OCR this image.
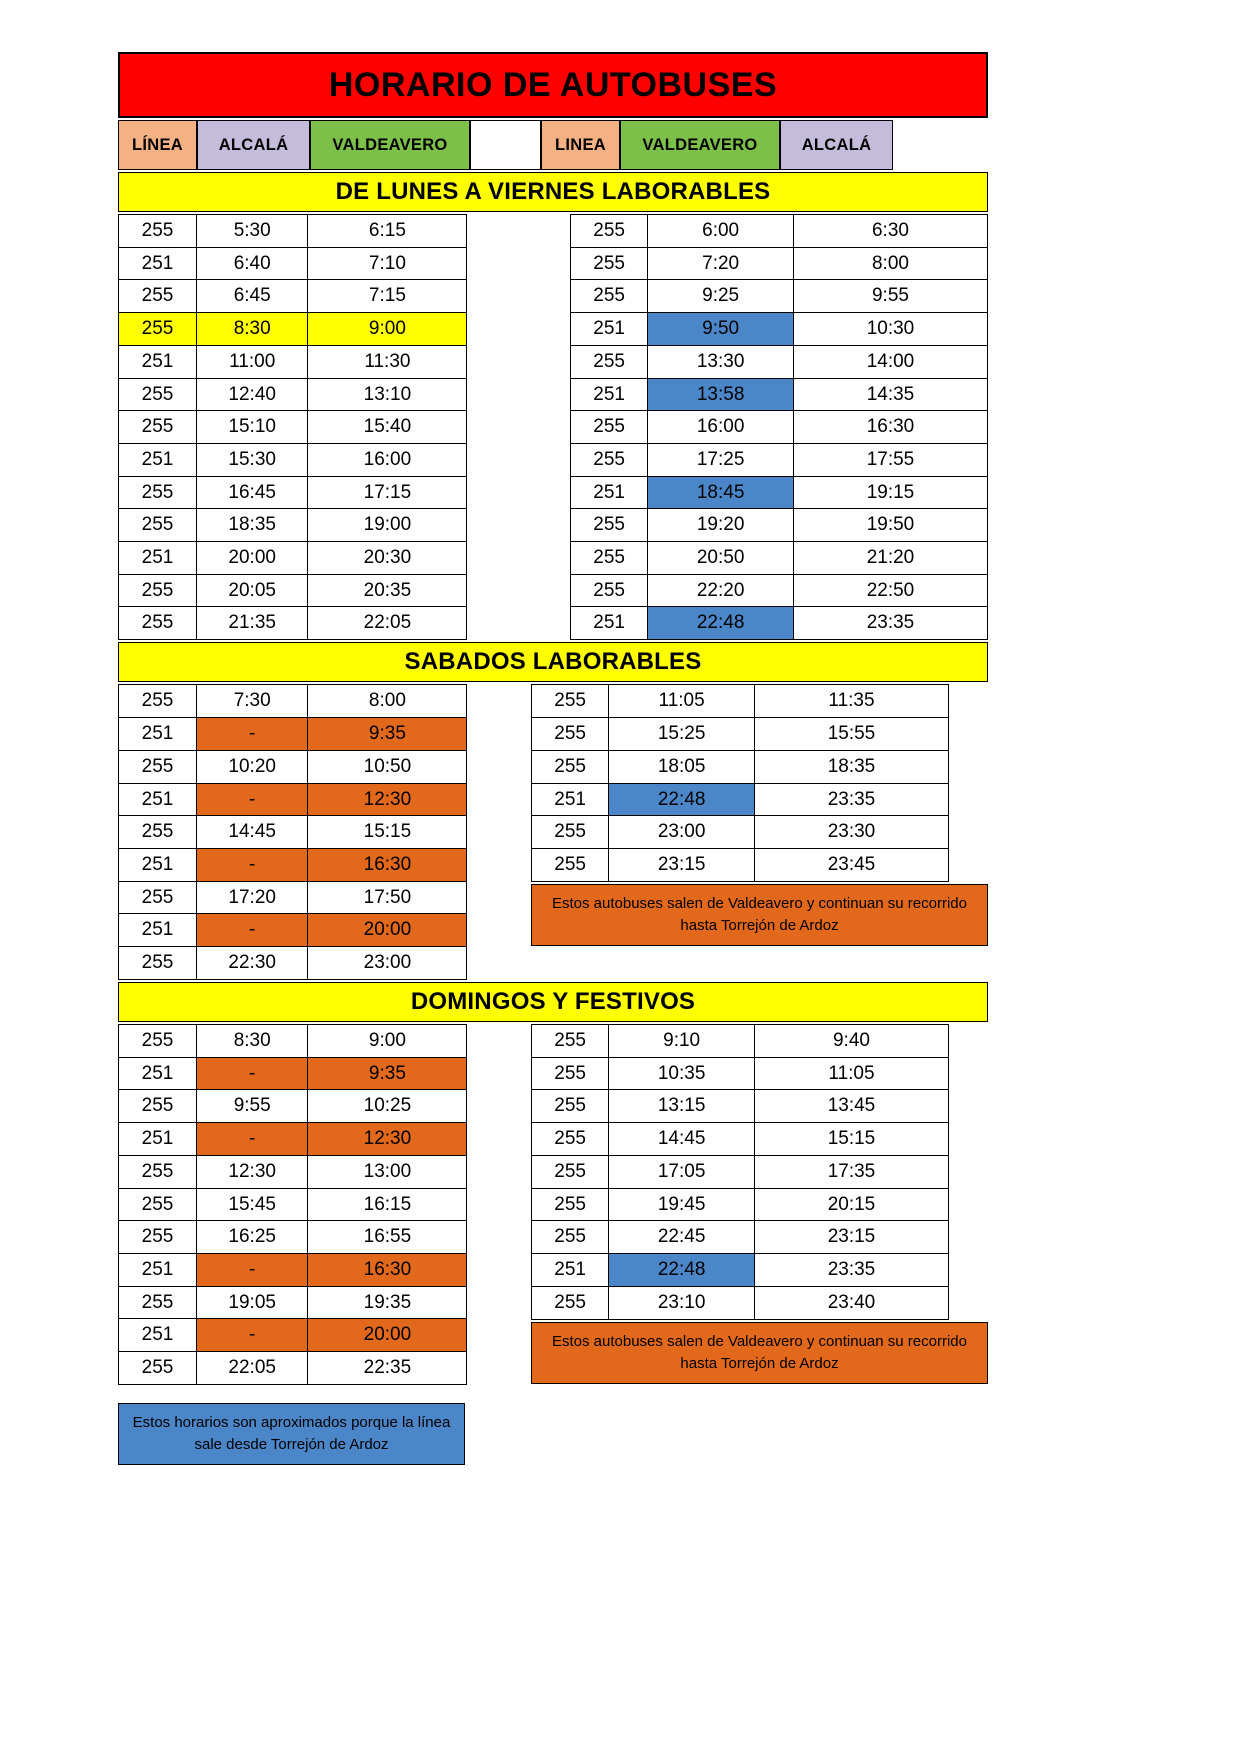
HORARIO DE AUTOBUSES
LÍNEA	ALCALÁ	VALDEAVERO	LINEA	VALDEAVERO	ALCALÁ
DE LUNES A VIERNES LABORABLES
255	5:30	6:15
251	6:40	7:10
255	6:45	7:15
255	8:30	9:00
251	11:00	11:30
255	12:40	13:10
255	15:10	15:40
251	15:30	16:00
255	16:45	17:15
255	18:35	19:00
251	20:00	20:30
255	20:05	20:35
255	21:35	22:05
255	6:00	6:30
255	7:20	8:00
255	9:25	9:55
251	9:50	10:30
255	13:30	14:00
251	13:58	14:35
255	16:00	16:30
255	17:25	17:55
251	18:45	19:15
255	19:20	19:50
255	20:50	21:20
255	22:20	22:50
251	22:48	23:35
SABADOS LABORABLES
255	7:30	8:00
251	-	9:35
255	10:20	10:50
251	-	12:30
255	14:45	15:15
251	-	16:30
255	17:20	17:50
251	-	20:00
255	22:30	23:00
255	11:05	11:35
255	15:25	15:55
255	18:05	18:35
251	22:48	23:35
255	23:00	23:30
255	23:15	23:45
Estos autobuses salen de Valdeavero y continuan su recorrido hasta Torrejón de Ardoz
DOMINGOS Y FESTIVOS
255	8:30	9:00
251	-	9:35
255	9:55	10:25
251	-	12:30
255	12:30	13:00
255	15:45	16:15
255	16:25	16:55
251	-	16:30
255	19:05	19:35
251	-	20:00
255	22:05	22:35
255	9:10	9:40
255	10:35	11:05
255	13:15	13:45
255	14:45	15:15
255	17:05	17:35
255	19:45	20:15
255	22:45	23:15
251	22:48	23:35
255	23:10	23:40
Estos autobuses salen de Valdeavero y continuan su recorrido hasta Torrejón de Ardoz
Estos horarios son aproximados porque la línea sale desde Torrejón de Ardoz
